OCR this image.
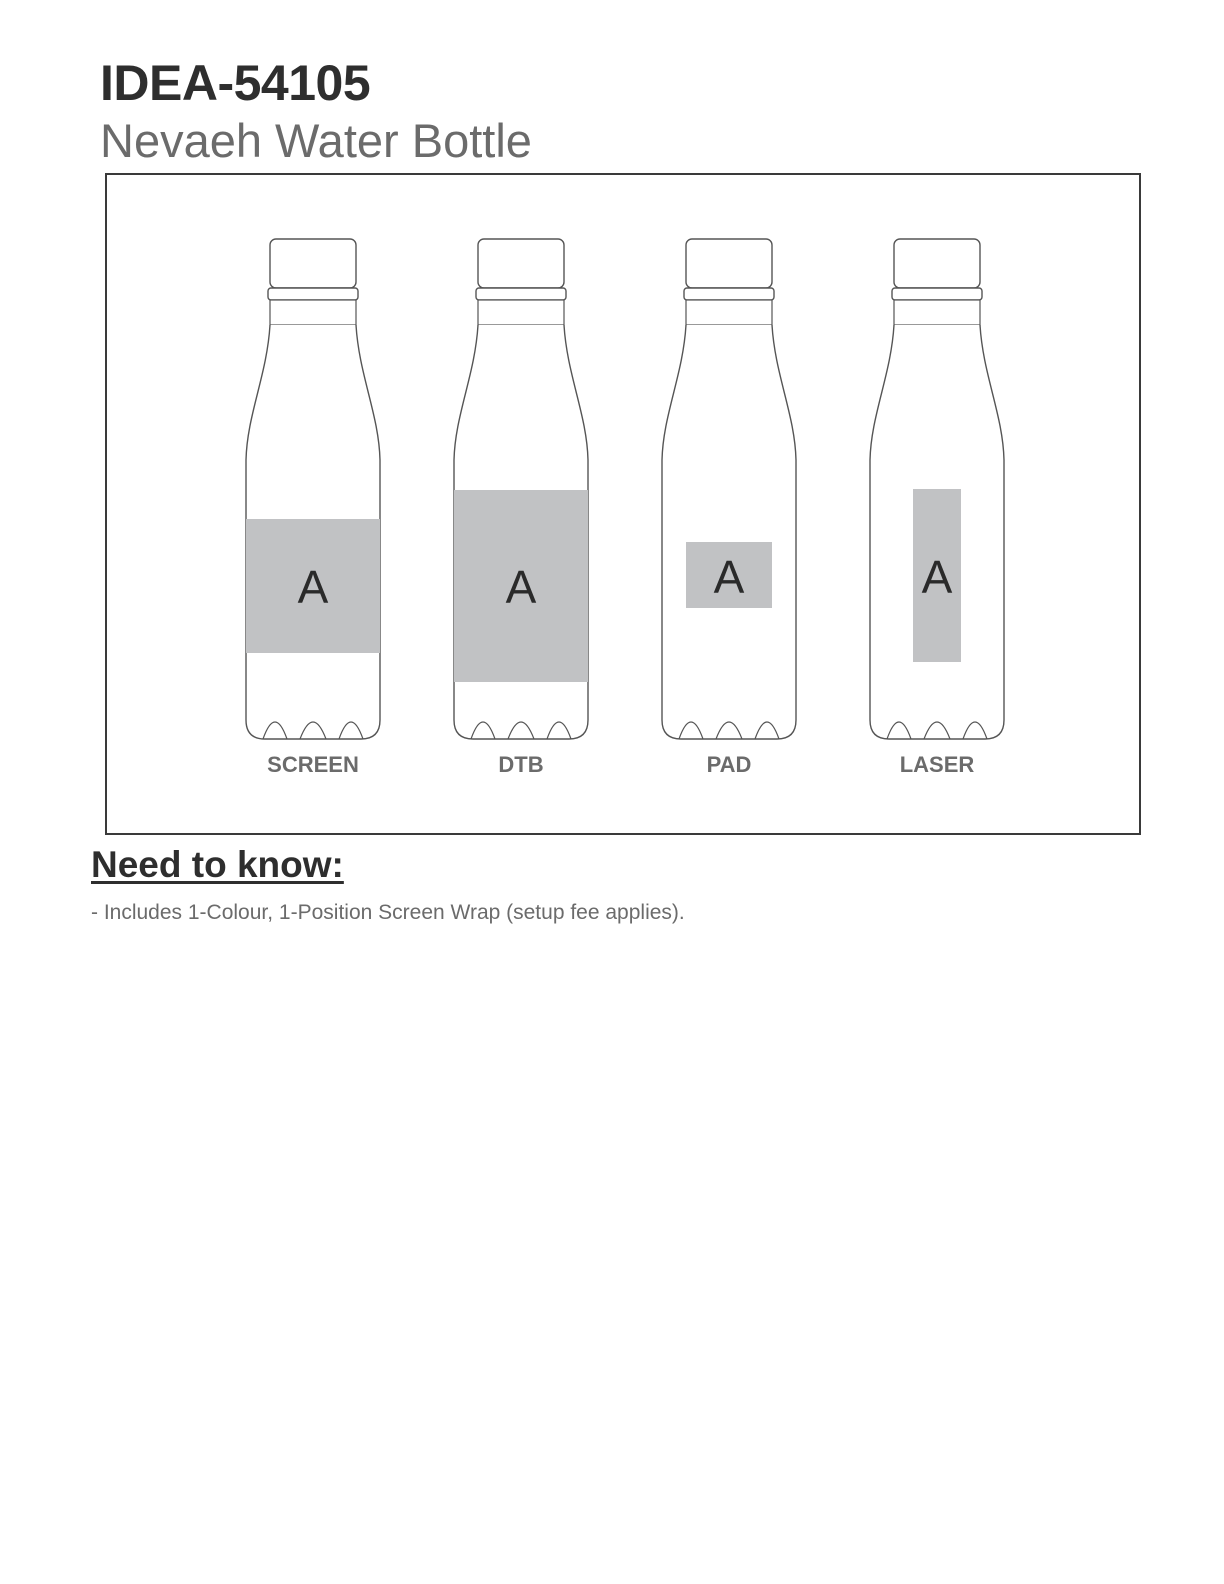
IDEA-54105
Nevaeh Water Bottle
A
SCREEN
A
DTB
A
PAD
A
LASER
Need to know:

- Includes 1-Colour, 1-Position Screen Wrap (setup fee applies).
